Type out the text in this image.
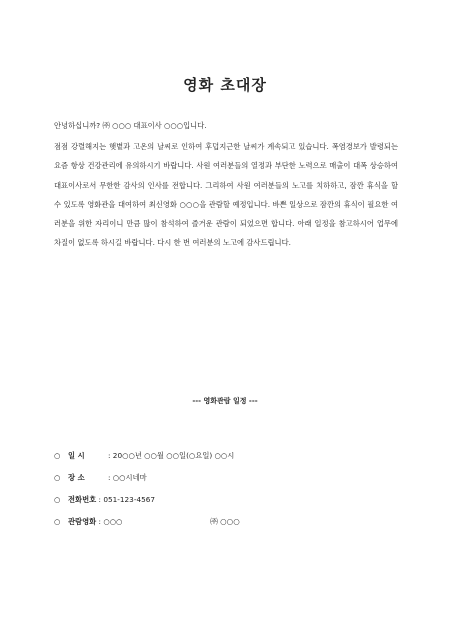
영화 초대장
안녕하십니까? ㈜ ○○○ 대표이사 ○○○입니다.

점점 강렬해지는 햇볕과 고온의 날씨로 인하여 후덥지근한 날씨가 계속되고 있습니다. 폭염경보가 발령되는 요즘 항상 건강관리에 유의하시기 바랍니다. 사원 여러분들의 열정과 부단한 노력으로 매출이 대폭 상승하여 대표이사로서 무한한 감사의 인사를 전합니다. 그리하여 사원 여러분들의 노고를 치하하고, 잠깐 휴식을 할 수 있도록 영화관을 대여하여 최신영화 ○○○을 관람할 예정입니다. 바쁜 일상으로 잠깐의 휴식이 필요한 여러분을 위한 자리이니 만큼 많이 참석하여 즐거운 관람이 되었으면 합니다. 아래 일정을 참고하시어 업무에 차질이 없도록 하시길 바랍니다. 다시 한 번 여러분의 노고에 감사드립니다.

--- 영화관람 일정 ---
○ 일 시	: 20○○년 ○○월 ○○일(○요일) ○○시
○ 장 소	: ○○시네마
○ 전화번호 : 051-123-4567
○ 관람영화 : ○○○	㈜ ○○○
